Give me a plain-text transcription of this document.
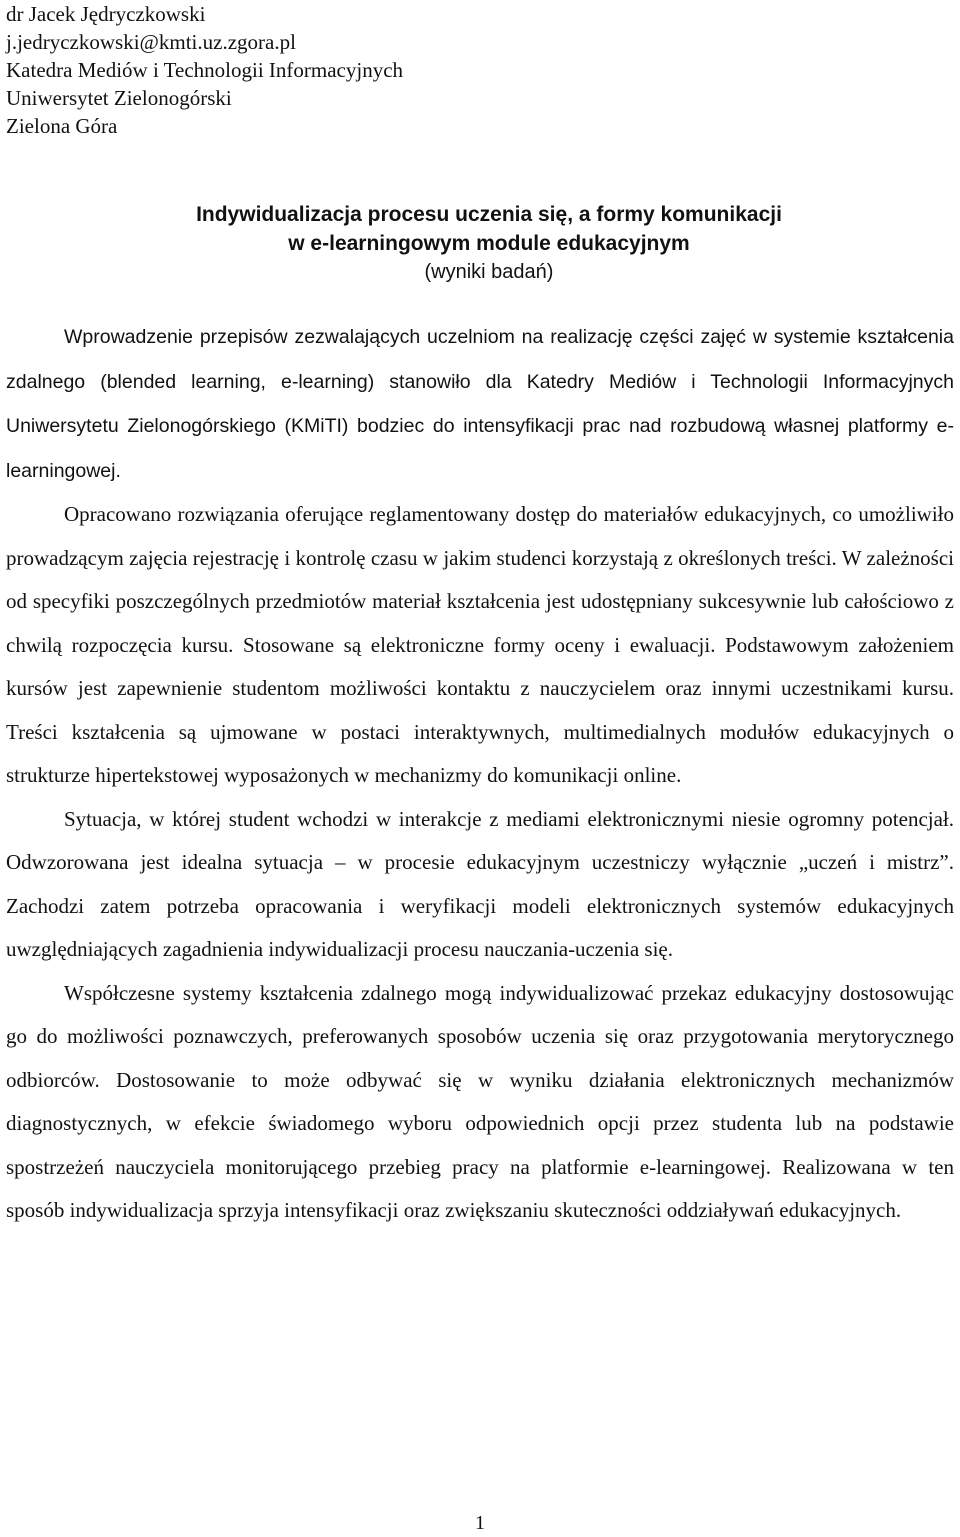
dr Jacek Jędryczkowski
j.jedryczkowski@kmti.uz.zgora.pl
Katedra Mediów i Technologii Informacyjnych
Uniwersytet Zielonogórski
Zielona Góra
Indywidualizacja procesu uczenia się, a formy komunikacji
w e-learningowym module edukacyjnym
(wyniki badań)

Wprowadzenie przepisów zezwalających uczelniom na realizację części zajęć w systemie kształcenia zdalnego (blended learning, e-learning) stanowiło dla Katedry Mediów i Technologii Informacyjnych Uniwersytetu Zielonogórskiego (KMiTI) bodziec do intensyfikacji prac nad rozbudową własnej platformy e-learningowej.

Opracowano rozwiązania oferujące reglamentowany dostęp do materiałów edukacyjnych, co umożliwiło prowadzącym zajęcia rejestrację i kontrolę czasu w jakim studenci korzystają z określonych treści. W zależności od specyfiki poszczególnych przedmiotów materiał kształcenia jest udostępniany sukcesywnie lub całościowo z chwilą rozpoczęcia kursu. Stosowane są elektroniczne formy oceny i ewaluacji. Podstawowym założeniem kursów jest zapewnienie studentom możliwości kontaktu z nauczycielem oraz innymi uczestnikami kursu. Treści kształcenia są ujmowane w postaci interaktywnych, multimedialnych modułów edukacyjnych o strukturze hipertekstowej wyposażonych w mechanizmy do komunikacji online.

Sytuacja, w której student wchodzi w interakcje z mediami elektronicznymi niesie ogromny potencjał. Odwzorowana jest idealna sytuacja – w procesie edukacyjnym uczestniczy wyłącznie „uczeń i mistrz”. Zachodzi zatem potrzeba opracowania i weryfikacji modeli elektronicznych systemów edukacyjnych uwzględniających zagadnienia indywidualizacji procesu nauczania-uczenia się.

Współczesne systemy kształcenia zdalnego mogą indywidualizować przekaz edukacyjny dostosowując go do możliwości poznawczych, preferowanych sposobów uczenia się oraz przygotowania merytorycznego odbiorców. Dostosowanie to może odbywać się w wyniku działania elektronicznych mechanizmów diagnostycznych, w efekcie świadomego wyboru odpowiednich opcji przez studenta lub na podstawie spostrzeżeń nauczyciela monitorującego przebieg pracy na platformie e-learningowej. Realizowana w ten sposób indywidualizacja sprzyja intensyfikacji oraz zwiększaniu skuteczności oddziaływań edukacyjnych.

1
